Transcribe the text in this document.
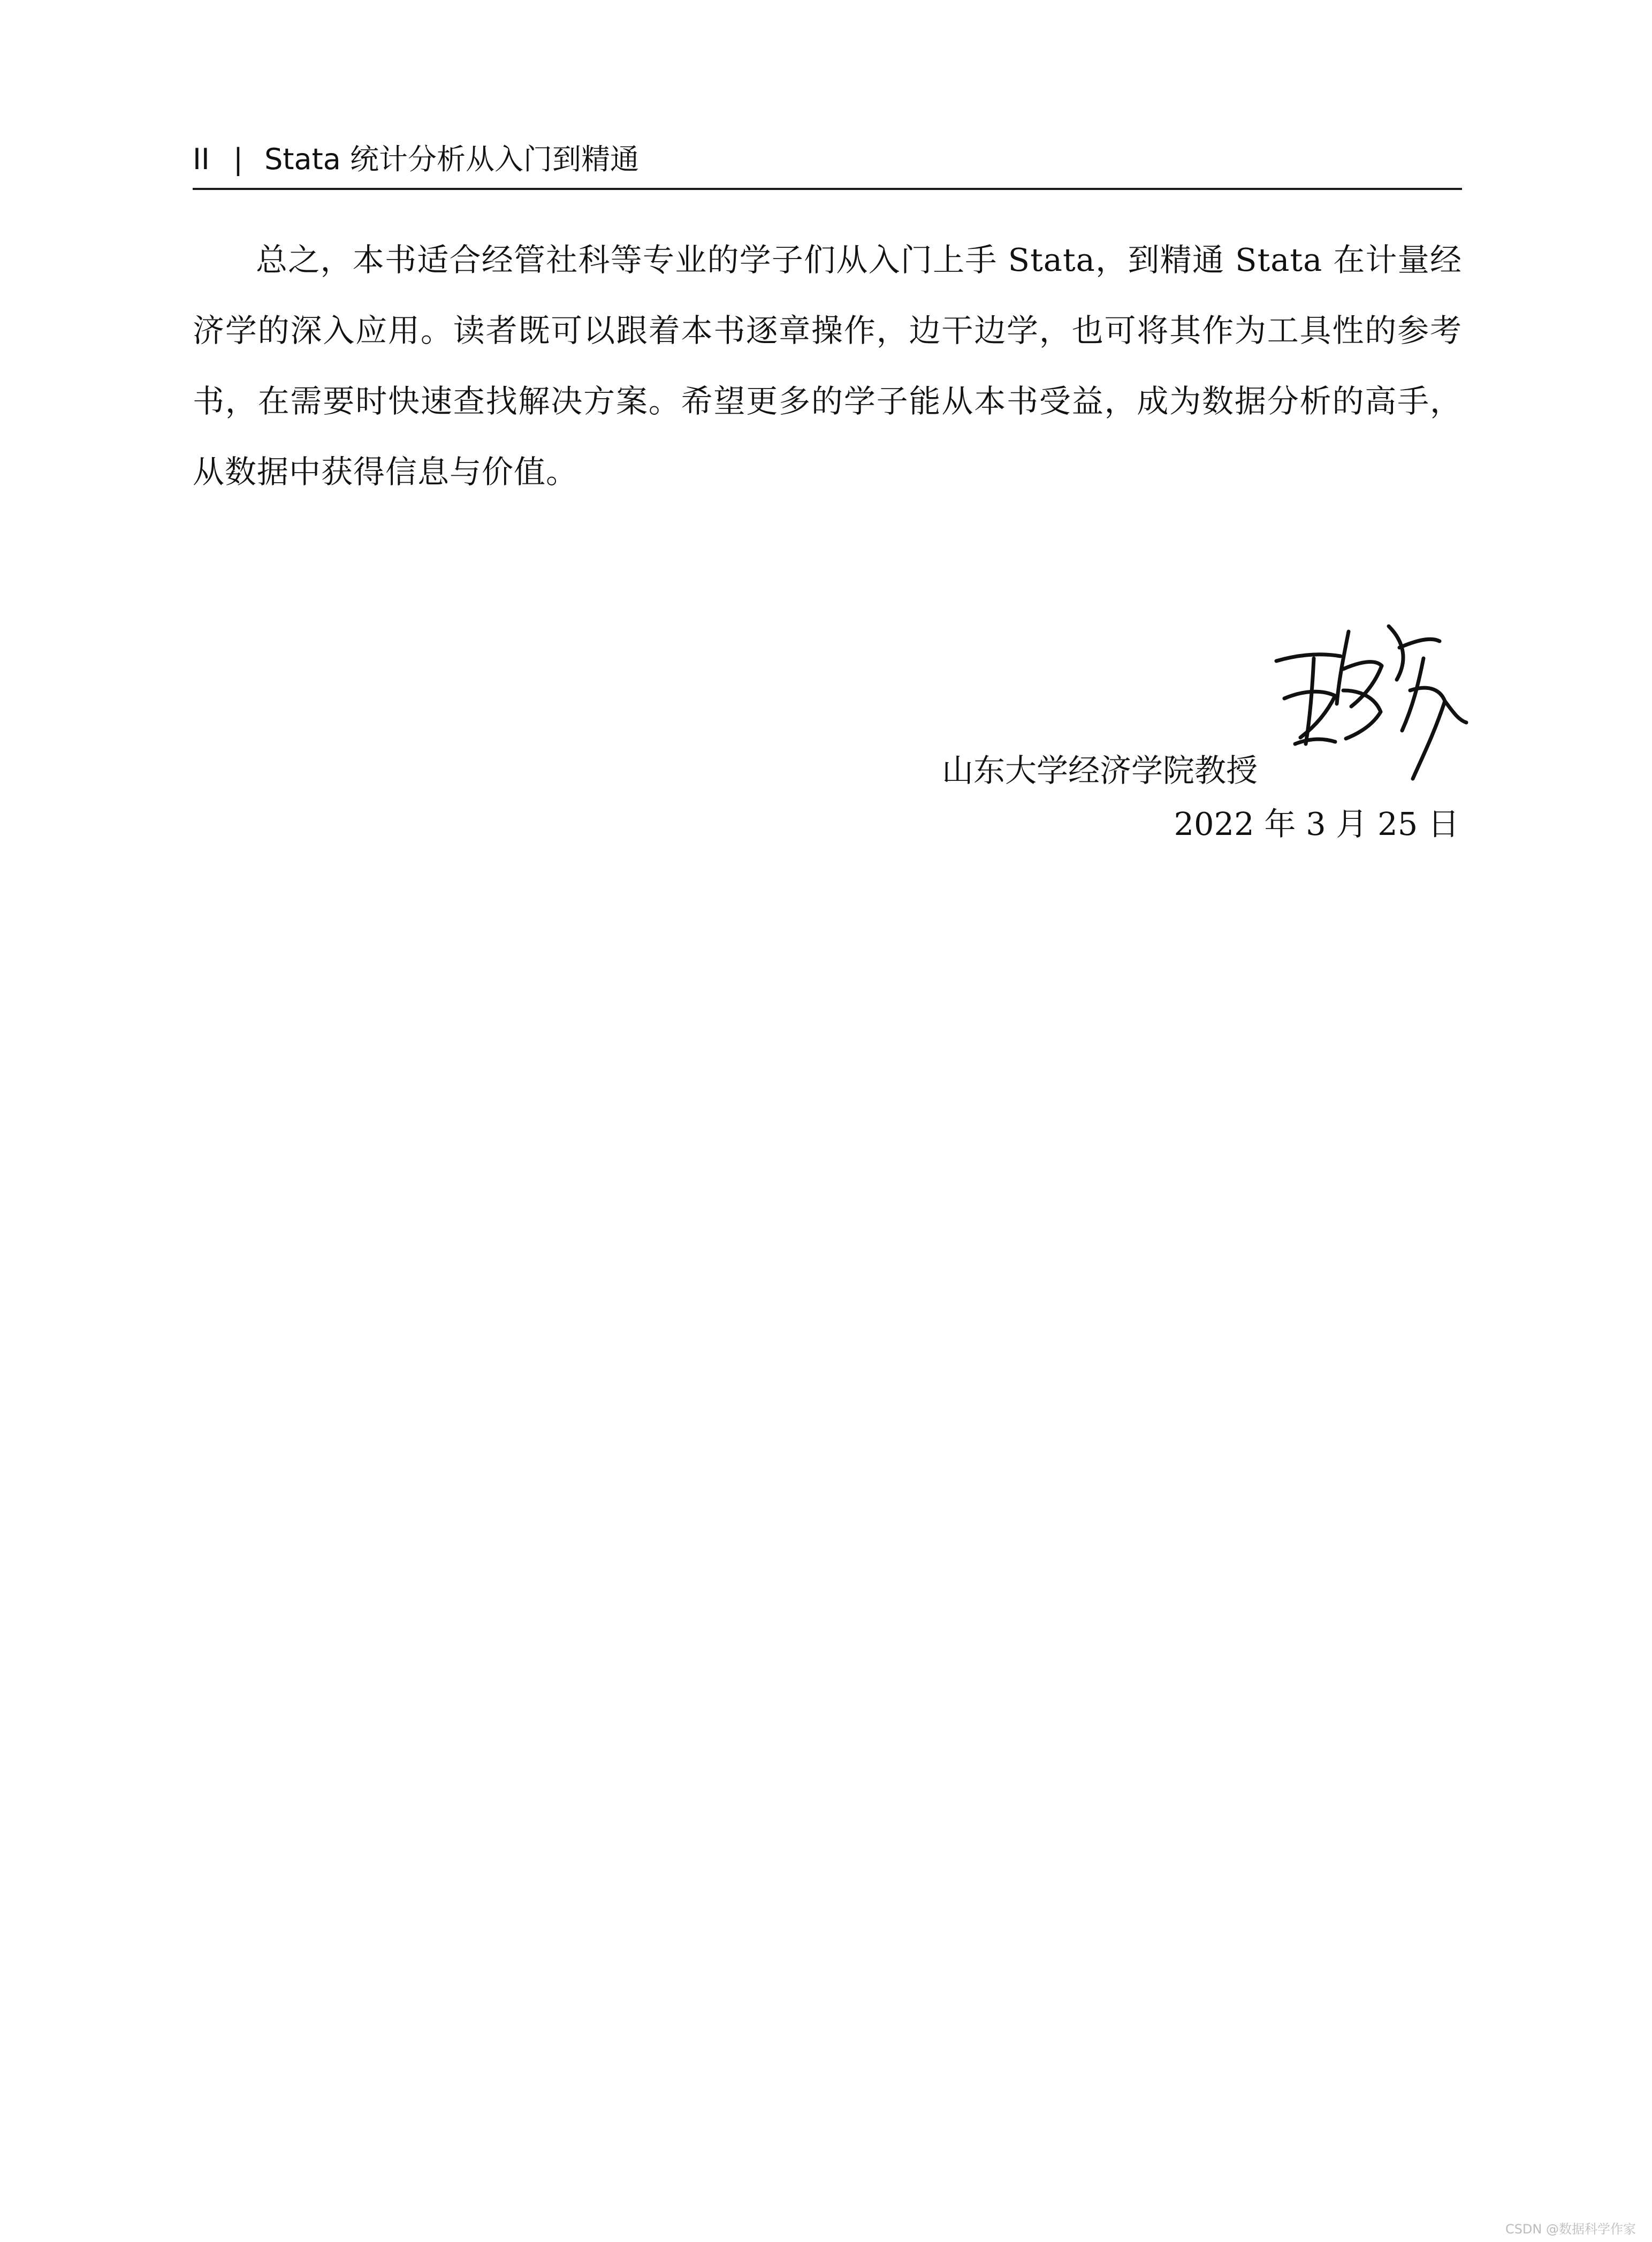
II | Stata 统计分析从入门到精通

总之，本书适合经管社科等专业的学子们从入门上手 Stata，到精通 Stata 在计量经济学的深入应用。读者既可以跟着本书逐章操作，边干边学，也可将其作为工具性的参考书，在需要时快速查找解决方案。希望更多的学子能从本书受益，成为数据分析的高手，从数据中获得信息与价值。

山东大学经济学院教授
2022 年 3 月 25 日
CSDN @数据科学作家
